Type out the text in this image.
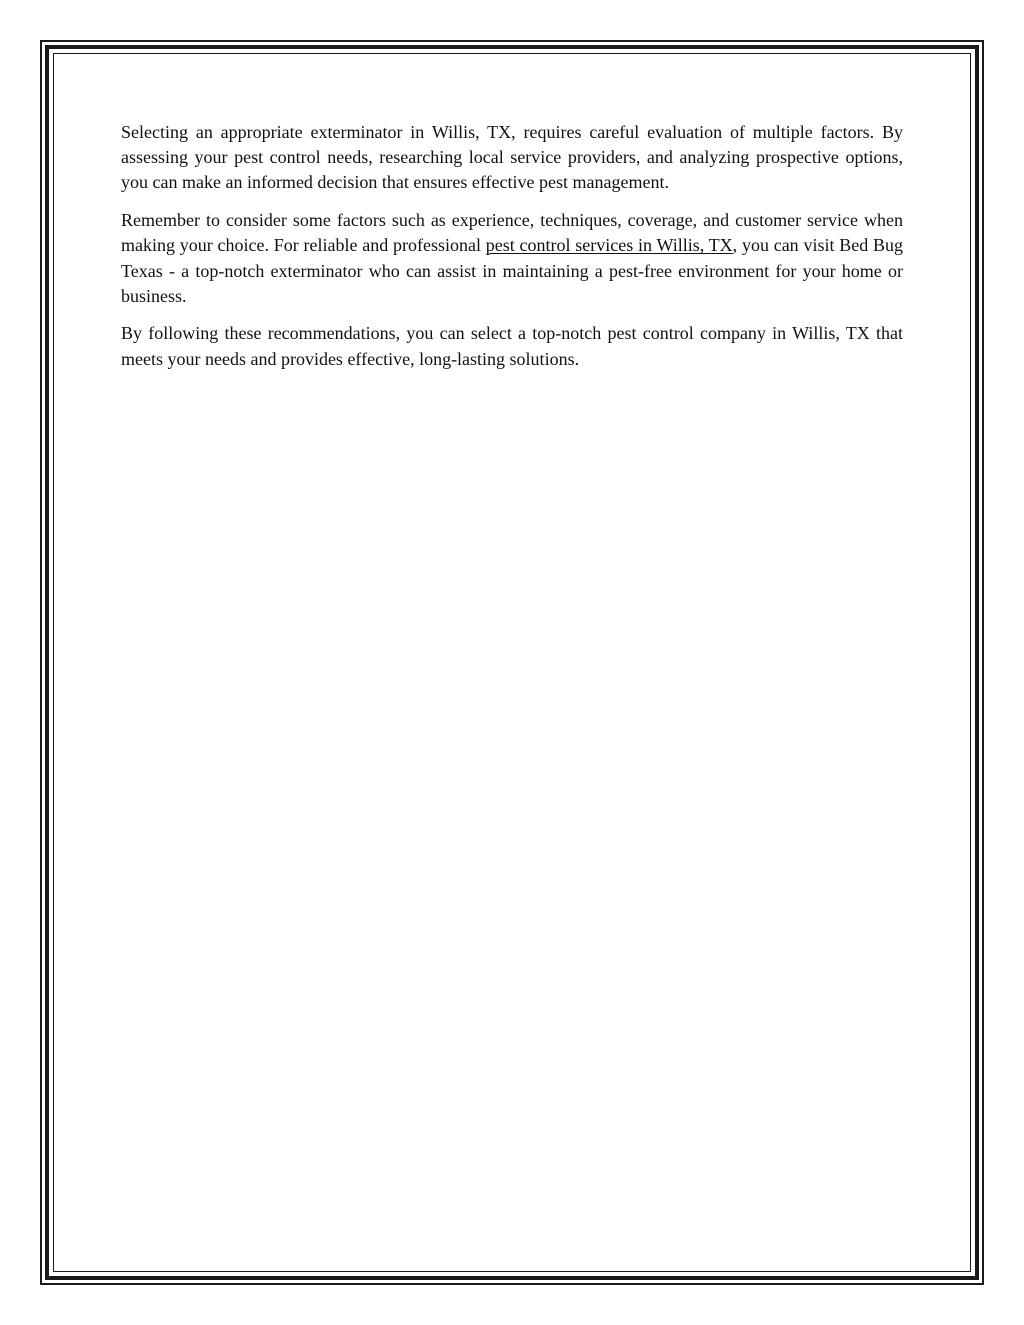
Selecting an appropriate exterminator in Willis, TX, requires careful evaluation of multiple factors. By assessing your pest control needs, researching local service providers, and analyzing prospective options, you can make an informed decision that ensures effective pest management.

Remember to consider some factors such as experience, techniques, coverage, and customer service when making your choice. For reliable and professional pest control services in Willis, TX, you can visit Bed Bug Texas - a top-notch exterminator who can assist in maintaining a pest-free environment for your home or business.

By following these recommendations, you can select a top-notch pest control company in Willis, TX that meets your needs and provides effective, long-lasting solutions.
